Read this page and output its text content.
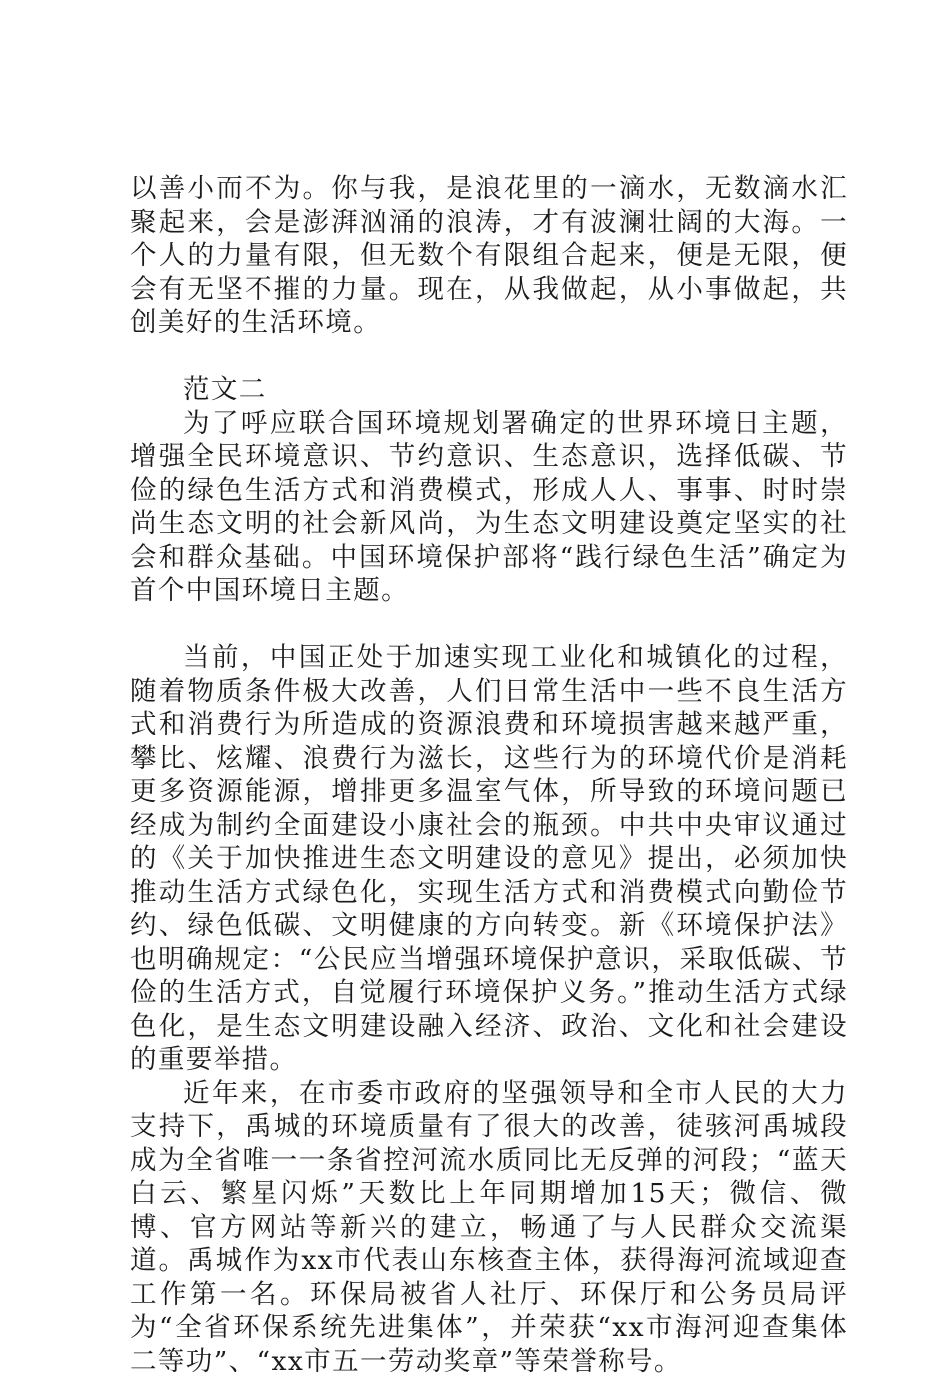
以善小而不为。你与我，是浪花里的一滴水，无数滴水汇聚起来，会是澎湃汹涌的浪涛，才有波澜壮阔的大海。一个人的力量有限，但无数个有限组合起来，便是无限，便会有无坚不摧的力量。现在，从我做起，从小事做起，共创美好的生活环境。

范文二

为了呼应联合国环境规划署确定的世界环境日主题，增强全民环境意识、节约意识、生态意识，选择低碳、节俭的绿色生活方式和消费模式，形成人人、事事、时时崇尚生态文明的社会新风尚，为生态文明建设奠定坚实的社会和群众基础。中国环境保护部将“践行绿色生活”确定为首个中国环境日主题。

当前，中国正处于加速实现工业化和城镇化的过程，随着物质条件极大改善，人们日常生活中一些不良生活方式和消费行为所造成的资源浪费和环境损害越来越严重，攀比、炫耀、浪费行为滋长，这些行为的环境代价是消耗更多资源能源，增排更多温室气体，所导致的环境问题已经成为制约全面建设小康社会的瓶颈。中共中央审议通过的《关于加快推进生态文明建设的意见》提出，必须加快推动生活方式绿色化，实现生活方式和消费模式向勤俭节约、绿色低碳、文明健康的方向转变。新《环境保护法》也明确规定：“公民应当增强环境保护意识，采取低碳、节俭的生活方式，自觉履行环境保护义务。”推动生活方式绿色化，是生态文明建设融入经济、政治、文化和社会建设的重要举措。

近年来，在市委市政府的坚强领导和全市人民的大力支持下，禹城的环境质量有了很大的改善，徒骇河禹城段成为全省唯一一条省控河流水质同比无反弹的河段；“蓝天白云、繁星闪烁”天数比上年同期增加15天；微信、微博、官方网站等新兴的建立，畅通了与人民群众交流渠道。禹城作为xx市代表山东核查主体，获得海河流域迎查工作第一名。环保局被省人社厅、环保厅和公务员局评为“全省环保系统先进集体”，并荣获“xx市海河迎查集体二等功”、“xx市五一劳动奖章”等荣誉称号。
